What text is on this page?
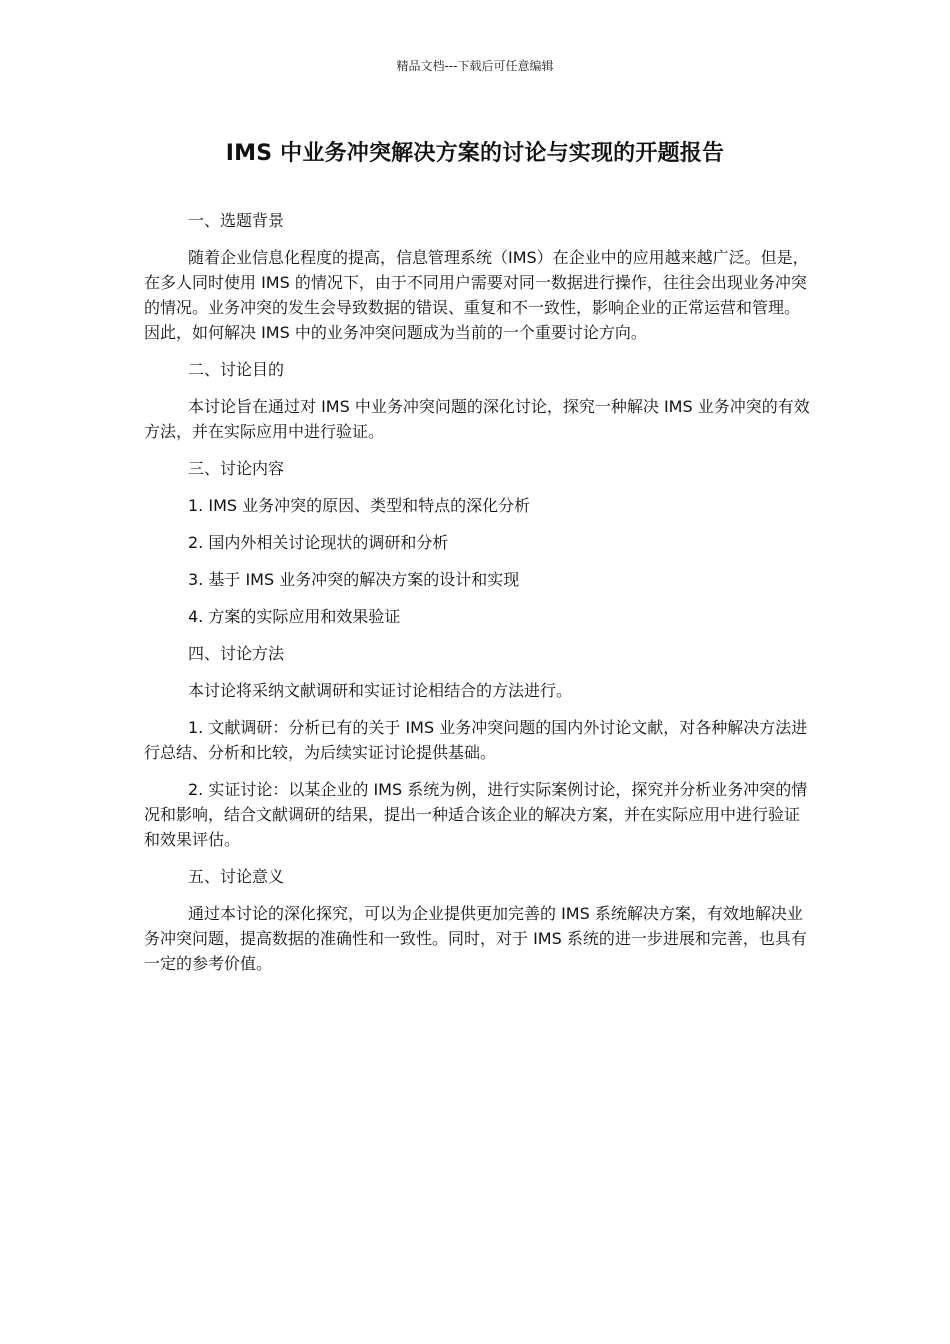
精品文档---下载后可任意编辑
IMS 中业务冲突解决方案的讨论与实现的开题报告

一、选题背景

随着企业信息化程度的提高，信息管理系统（IMS）在企业中的应用越来越广泛。但是，在多人同时使用 IMS 的情况下，由于不同用户需要对同一数据进行操作，往往会出现业务冲突的情况。业务冲突的发生会导致数据的错误、重复和不一致性，影响企业的正常运营和管理。因此，如何解决 IMS 中的业务冲突问题成为当前的一个重要讨论方向。

二、讨论目的

本讨论旨在通过对 IMS 中业务冲突问题的深化讨论，探究一种解决 IMS 业务冲突的有效方法，并在实际应用中进行验证。

三、讨论内容

1. IMS 业务冲突的原因、类型和特点的深化分析

2. 国内外相关讨论现状的调研和分析

3. 基于 IMS 业务冲突的解决方案的设计和实现

4. 方案的实际应用和效果验证

四、讨论方法

本讨论将采纳文献调研和实证讨论相结合的方法进行。

1. 文献调研：分析已有的关于 IMS 业务冲突问题的国内外讨论文献，对各种解决方法进行总结、分析和比较，为后续实证讨论提供基础。

2. 实证讨论：以某企业的 IMS 系统为例，进行实际案例讨论，探究并分析业务冲突的情况和影响，结合文献调研的结果，提出一种适合该企业的解决方案，并在实际应用中进行验证和效果评估。

五、讨论意义

通过本讨论的深化探究，可以为企业提供更加完善的 IMS 系统解决方案，有效地解决业务冲突问题，提高数据的准确性和一致性。同时，对于 IMS 系统的进一步进展和完善，也具有一定的参考价值。
